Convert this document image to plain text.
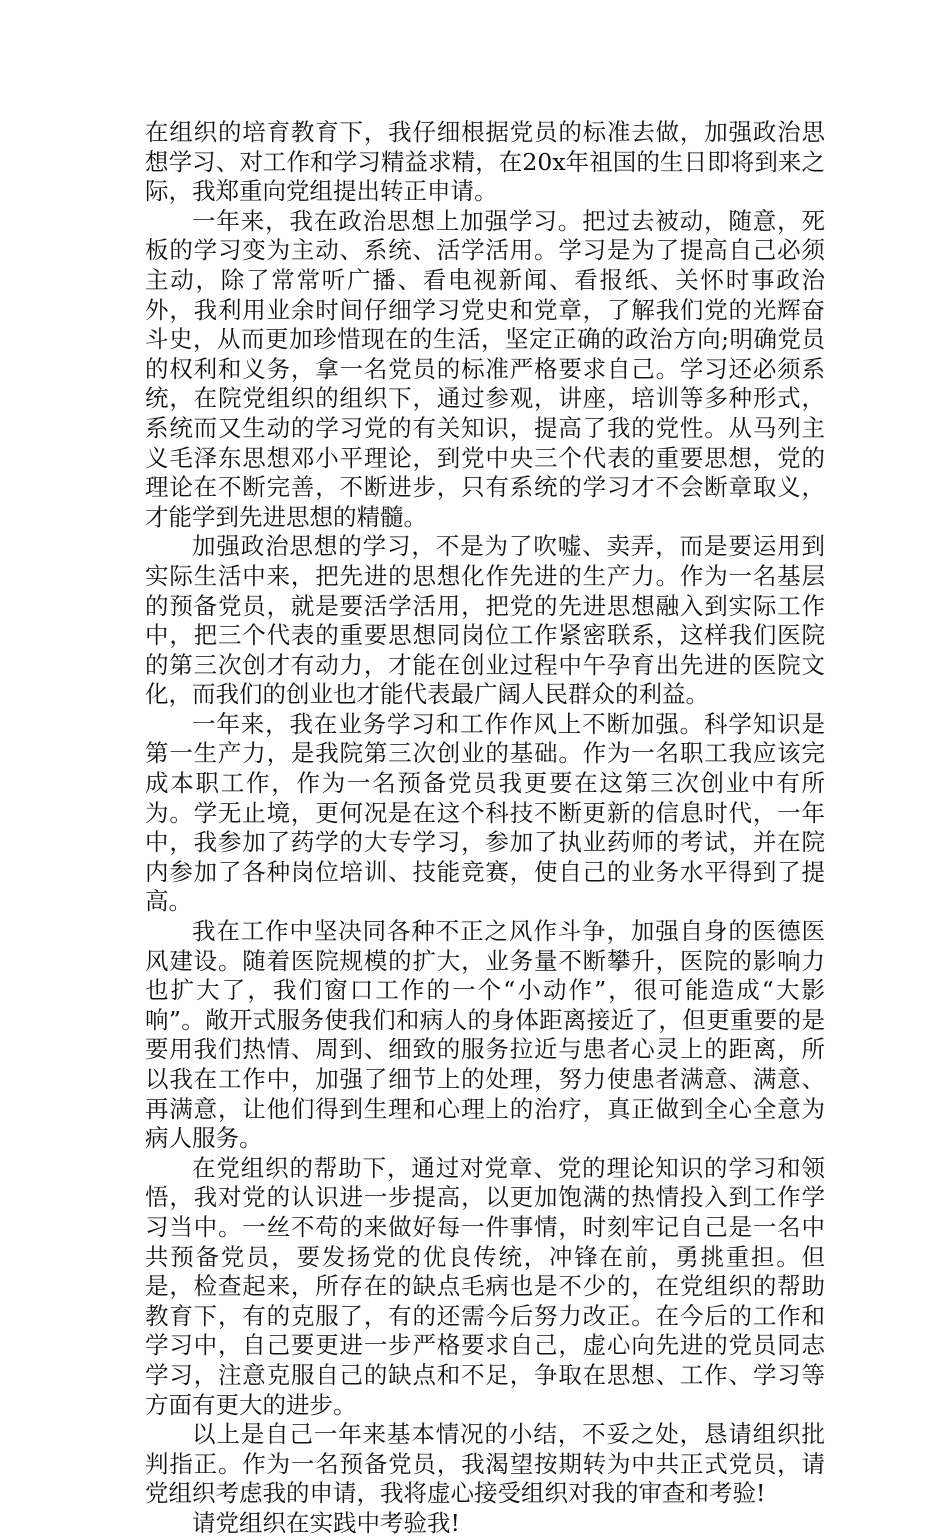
在组织的培育教育下，我仔细根据党员的标准去做，加强政治思想学习、对工作和学习精益求精，在20x年祖国的生日即将到来之际，我郑重向党组提出转正申请。

一年来，我在政治思想上加强学习。把过去被动，随意，死板的学习变为主动、系统、活学活用。学习是为了提高自己必须主动，除了常常听广播、看电视新闻、看报纸、关怀时事政治外，我利用业余时间仔细学习党史和党章，了解我们党的光辉奋斗史，从而更加珍惜现在的生活，坚定正确的政治方向;明确党员的权利和义务，拿一名党员的标准严格要求自己。学习还必须系统，在院党组织的组织下，通过参观，讲座，培训等多种形式，系统而又生动的学习党的有关知识，提高了我的党性。从马列主义毛泽东思想邓小平理论，到党中央三个代表的重要思想，党的理论在不断完善，不断进步，只有系统的学习才不会断章取义，才能学到先进思想的精髓。

加强政治思想的学习，不是为了吹嘘、卖弄，而是要运用到实际生活中来，把先进的思想化作先进的生产力。作为一名基层的预备党员，就是要活学活用，把党的先进思想融入到实际工作中，把三个代表的重要思想同岗位工作紧密联系，这样我们医院的第三次创才有动力，才能在创业过程中午孕育出先进的医院文化，而我们的创业也才能代表最广阔人民群众的利益。

一年来，我在业务学习和工作作风上不断加强。科学知识是第一生产力，是我院第三次创业的基础。作为一名职工我应该完成本职工作，作为一名预备党员我更要在这第三次创业中有所为。学无止境，更何况是在这个科技不断更新的信息时代，一年中，我参加了药学的大专学习，参加了执业药师的考试，并在院内参加了各种岗位培训、技能竞赛，使自己的业务水平得到了提高。

我在工作中坚决同各种不正之风作斗争，加强自身的医德医风建设。随着医院规模的扩大，业务量不断攀升，医院的影响力也扩大了，我们窗口工作的一个“小动作”，很可能造成“大影响”。敞开式服务使我们和病人的身体距离接近了，但更重要的是要用我们热情、周到、细致的服务拉近与患者心灵上的距离，所以我在工作中，加强了细节上的处理，努力使患者满意、满意、再满意，让他们得到生理和心理上的治疗，真正做到全心全意为病人服务。

在党组织的帮助下，通过对党章、党的理论知识的学习和领悟，我对党的认识进一步提高，以更加饱满的热情投入到工作学习当中。一丝不苟的来做好每一件事情，时刻牢记自己是一名中共预备党员，要发扬党的优良传统，冲锋在前，勇挑重担。但是，检查起来，所存在的缺点毛病也是不少的，在党组织的帮助教育下，有的克服了，有的还需今后努力改正。在今后的工作和学习中，自己要更进一步严格要求自己，虚心向先进的党员同志学习，注意克服自己的缺点和不足，争取在思想、工作、学习等方面有更大的进步。

以上是自己一年来基本情况的小结，不妥之处，恳请组织批判指正。作为一名预备党员，我渴望按期转为中共正式党员，请党组织考虑我的申请，我将虚心接受组织对我的审查和考验!

请党组织在实践中考验我!
